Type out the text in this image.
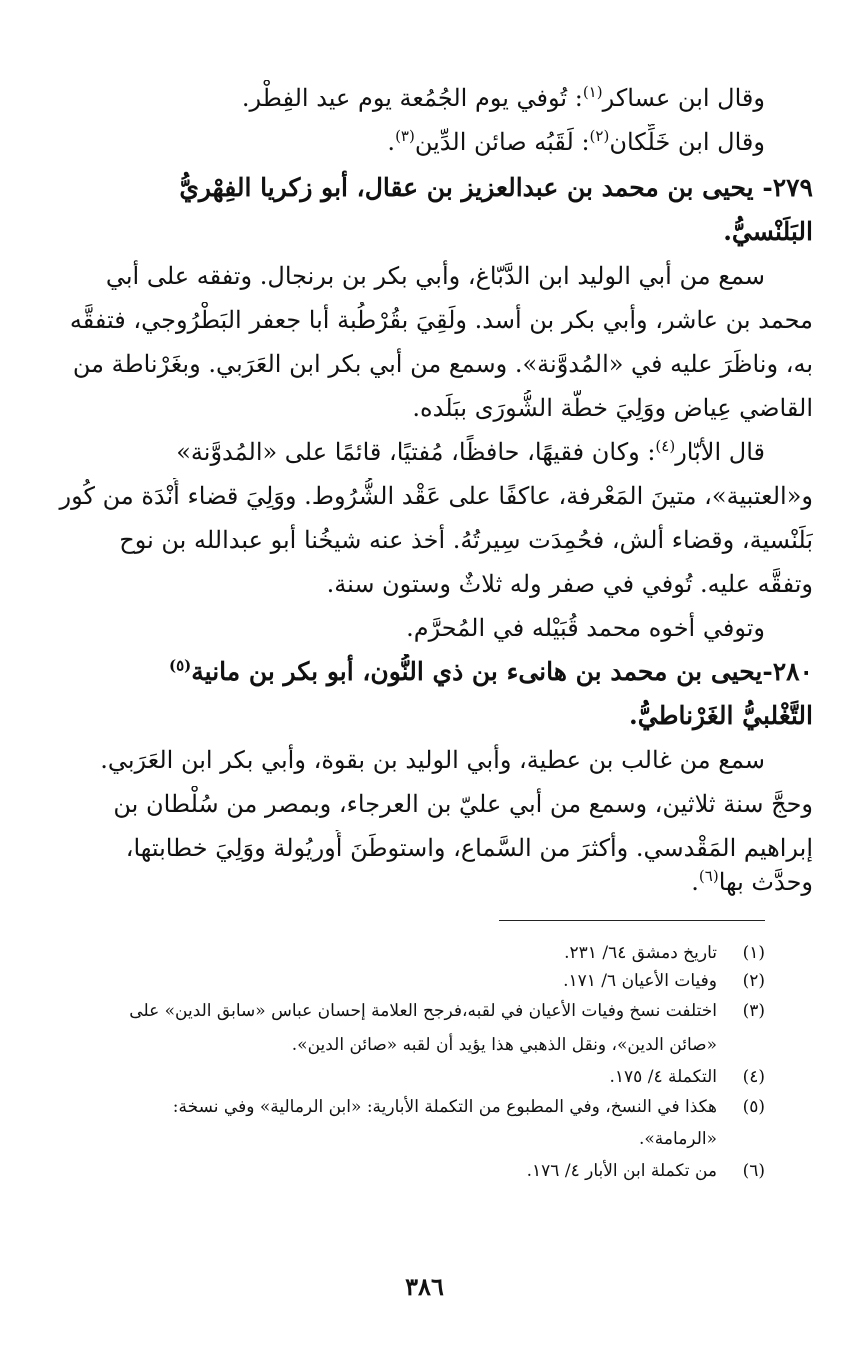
وقال ابن عساكر$^{(١)}$: تُوفي يوم الجُمُعة يوم عيد الفِطْر.
وقال ابن خَلِّكان$^{(٢)}$: لَقَبُه صائن الدِّين$^{(٣)}$.
٢٧٩- يحيى بن محمد بن عبدالعزيز بن عقال، أبو زكريا الفِهْريُّ
البَلَنْسيُّ.
سمع من أبي الوليد ابن الدَّبّاغ، وأبي بكر بن برنجال. وتفقه على أبي
محمد بن عاشر، وأبي بكر بن أسد. ولَقِيَ بقُرْطُبة أبا جعفر البَطْرُوجي، فتفقَّه
به، وناظَرَ عليه في «المُدوَّنة». وسمع من أبي بكر ابن العَرَبي. وبغَرْناطة من
القاضي عِياض ووَلِيَ خطَّة الشُّورَى ببَلَده.
قال الأبّار$^{(٤)}$: وكان فقيهًا، حافظًا، مُفتيًا، قائمًا على «المُدوَّنة»
و«العتبية»، متينَ المَعْرفة، عاكفًا على عَقْد الشُّرُوط. ووَلِيَ قضاء أُنْدَة من كُور
بَلَنْسية، وقضاء ألش، فحُمِدَت سِيرتُهُ. أخذ عنه شيخُنا أبو عبدالله بن نوح
وتفقَّه عليه. تُوفي في صفر وله ثلاثٌ وستون سنة.
وتوفي أخوه محمد قُبَيْله في المُحرَّم.
٢٨٠-يحيى بن محمد بن هانىء بن ذي النُّون، أبو بكر بن مانية$^{(٥)}$
التَّغْلبيُّ الغَرْناطيُّ.
سمع من غالب بن عطية، وأبي الوليد بن بقوة، وأبي بكر ابن العَرَبي.
وحجَّ سنة ثلاثين، وسمع من أبي عليّ بن العرجاء، وبمصر من سُلْطان بن
إبراهيم المَقْدسي. وأكثرَ من السَّماع، واستوطَنَ أُوريُولة ووَلِيَ خطابتها،
وحدَّث بها$^{(٦)}$.
(١)تاريخ دمشق ٦٤/ ٢٣١.
(٢)وفيات الأعيان ٦/ ١٧١.
(٣)اختلفت نسخ وفيات الأعيان في لقبه،فرجح العلامة إحسان عباس «سابق الدين» على
«صائن الدين»، ونقل الذهبي هذا يؤيد أن لقبه «صائن الدين».
(٤)التكملة ٤/ ١٧٥.
(٥)هكذا في النسخ، وفي المطبوع من التكملة الأبارية: «ابن الرمالية» وفي نسخة:
«الرمامة».
(٦)من تكملة ابن الأبار ٤/ ١٧٦.
٣٨٦
